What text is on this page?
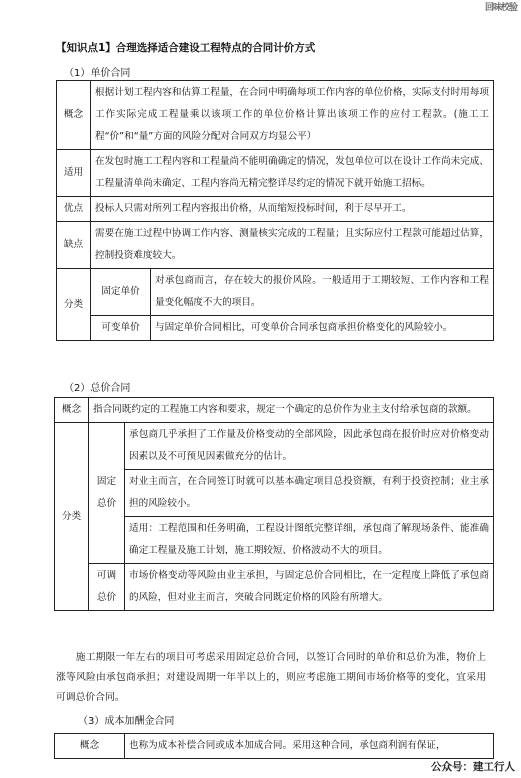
回味校验
【知识点1】合理选择适合建设工程特点的合同计价方式
（1）单价合同
概念	根据计划工程内容和估算工程量，在合同中明确每项工作内容的单位价格，实际支付时用每项工作实际完成工程量乘以该项工作的单位价格计算出该项工作的应付工程款。(施工工程“价”和“量”方面的风险分配对合同双方均显公平）	
适用	在发包时施工工程内容和工程量尚不能明确确定的情况，发包单位可以在设计工作尚未完成、工程量清单尚未确定、工程内容尚无精完整详尽约定的情况下就开始施工招标。	
优点	投标人只需对所列工程内容报出价格，从而缩短投标时间，利于尽早开工。	
缺点	需要在施工过程中协调工作内容、测量核实完成的工程量；且实际应付工程款可能超过估算，控制投资难度较大。	
分类	固定单价	对承包商而言，存在较大的报价风险。一般适用于工期较短、工作内容和工程量变化幅度不大的项目。
	可变单价	与固定单价合同相比，可变单价合同承包商承担价格变化的风险较小。
（2）总价合同
概念	指合同既约定的工程施工内容和要求，规定一个确定的总价作为业主支付给承包商的款额。	
分类	固定总价	承包商几乎承担了工作量及价格变动的全部风险，因此承包商在报价时应对价格变动因素以及不可预见因素做充分的估计。
		对业主而言，在合同签订时就可以基本确定项目总投资额，有利于投资控制；业主承担的风险较小。
		适用：工程范围和任务明确，工程设计图纸完整详细，承包商了解现场条件、能准确确定工程量及施工计划，施工期较短、价格波动不大的项目。
	可调总价	市场价格变动等风险由业主承担，与固定总价合同相比，在一定程度上降低了承包商的风险，但对业主而言，突破合同既定价格的风险有所增大。
施工期限一年左右的项目可考虑采用固定总价合同，以签订合同时的单价和总价为准，物价上涨等风险由承包商承担；对建设周期一年半以上的，则应考虑施工期间市场价格等的变化，宜采用可调总价合同。
（3）成本加酬金合同
概念	也称为成本补偿合同或成本加成合同。采用这种合同，承包商利润有保证，
公众号：建工行人
